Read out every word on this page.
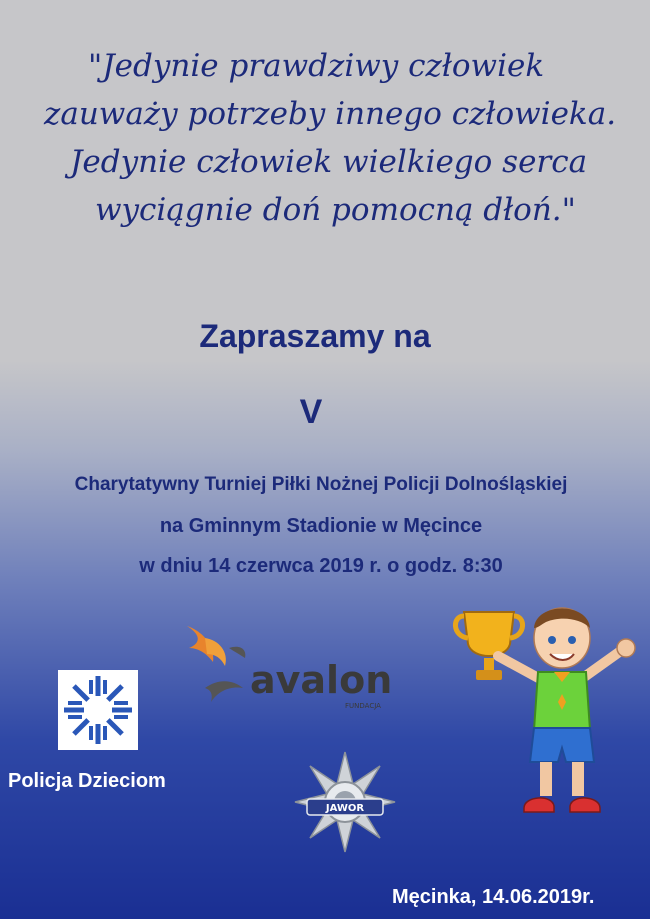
"Jedynie prawdziwy człowiek
zauważy potrzeby innego człowieka.
Jedynie człowiek wielkiego serca
wyciągnie doń pomocną dłoń."
Zapraszamy na
V
Charytatywny Turniej Piłki Nożnej Policji Dolnośląskiej
na Gminnym Stadionie w Męcince
w dniu 14 czerwca 2019 r. o godz. 8:30
Policja Dzieciom
avalon
FUNDACJA
JAWOR
Męcinka, 14.06.2019r.
